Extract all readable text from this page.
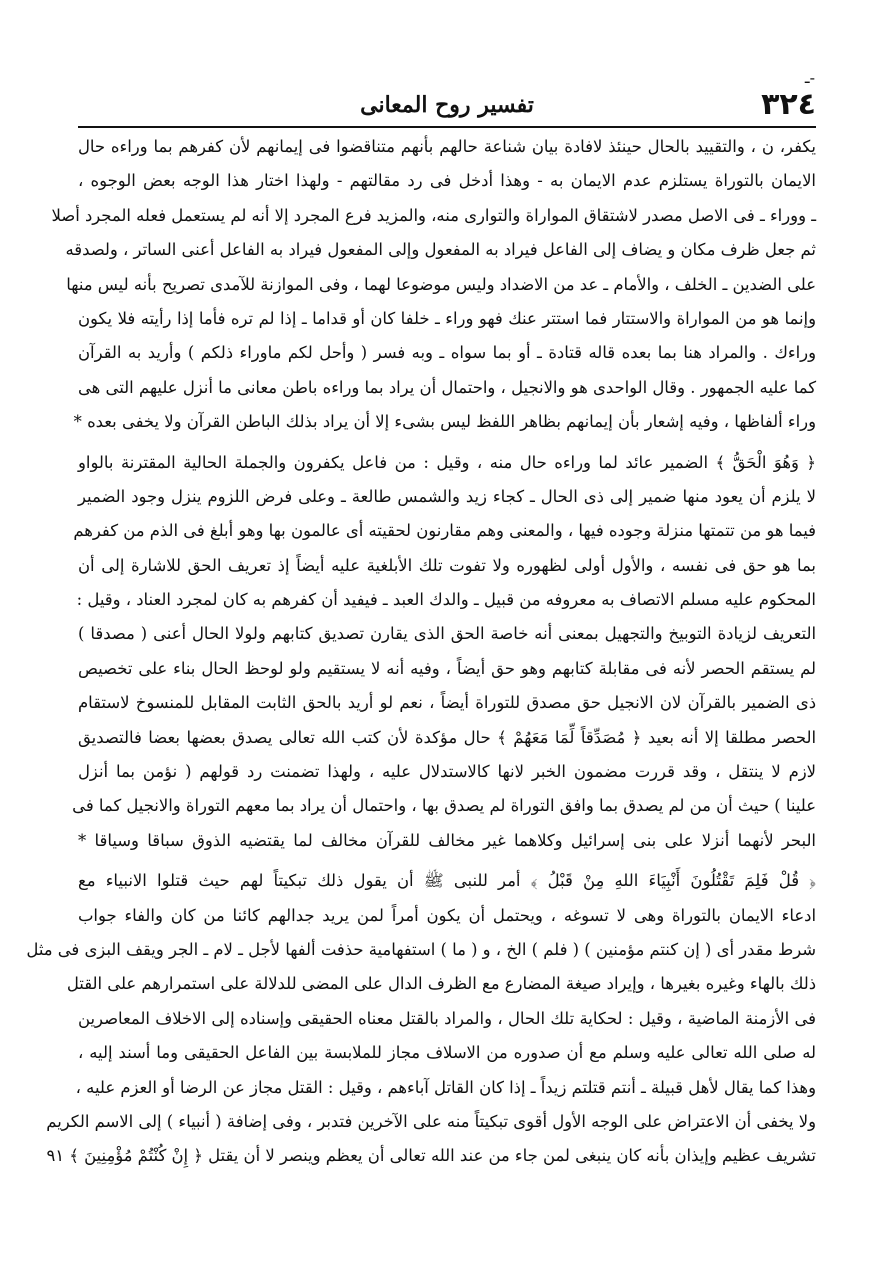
-ـ
٣٢٤
تفسير روح المعانى
يكفر، ن ، والتقييد بالحال حينئذ لافادة بيان شناعة حالهم بأنهم متناقضوا فى إيمانهم لأن كفرهم بما وراءه حال
الايمان بالتوراة يستلزم عدم الايمان به - وهذا أدخل فى رد مقالتهم - ولهذا اختار هذا الوجه بعض الوجوه ،
ـ ووراء ـ فى الاصل مصدر لاشتقاق المواراة والتوارى منه، والمزيد فرع المجرد إلا أنه لم يستعمل فعله المجرد أصلا
ثم جعل ظرف مكان و يضاف إلى الفاعل فيراد به المفعول وإلى المفعول فيراد به الفاعل أعنى الساتر ، ولصدقه
على الضدين ـ الخلف ، والأمام ـ عد من الاضداد وليس موضوعا لهما ، وفى الموازنة للآمدى تصريح بأنه ليس منها
وإنما هو من المواراة والاستتار فما استتر عنك فهو وراء ـ خلفا كان أو قداما ـ إذا لم تره فأما إذا رأيته فلا يكون
وراءك . والمراد هنا بما بعده قاله قتادة ـ أو بما سواه ـ وبه فسر ( وأحل لكم ماوراء ذلكم ) وأريد به القرآن
كما عليه الجمهور . وقال الواحدى هو والانجيل ، واحتمال أن يراد بما وراءه باطن معانى ما أنزل عليهم التى هى
وراء ألفاظها ، وفيه إشعار بأن إيمانهم بظاهر اللفظ ليس بشىء إلا أن يراد بذلك الباطن القرآن ولا يخفى بعده *
﴿ وَهُوَ الْحَقُّ ﴾ الضمير عائد لما وراءه حال منه ، وقيل : من فاعل يكفرون والجملة الحالية المقترنة بالواو
لا يلزم أن يعود منها ضمير إلى ذى الحال ـ كجاء زيد والشمس طالعة ـ وعلى فرض اللزوم ينزل وجود الضمير
فيما هو من تتمتها منزلة وجوده فيها ، والمعنى وهم مقارنون لحقيته أى عالمون بها وهو أبلغ فى الذم من كفرهم
بما هو حق فى نفسه ، والأول أولى لظهوره ولا تفوت تلك الأبلغية عليه أيضاً إذ تعريف الحق للاشارة إلى أن
المحكوم عليه مسلم الاتصاف به معروفه من قبيل ـ والدك العبد ـ فيفيد أن كفرهم به كان لمجرد العناد ، وقيل :
التعريف لزيادة التوبيخ والتجهيل بمعنى أنه خاصة الحق الذى يقارن تصديق كتابهم ولولا الحال أعنى ( مصدقا )
لم يستقم الحصر لأنه فى مقابلة كتابهم وهو حق أيضاً ، وفيه أنه لا يستقيم ولو لوحظ الحال بناء على تخصيص
ذى الضمير بالقرآن لان الانجيل حق مصدق للتوراة أيضاً ، نعم لو أريد بالحق الثابت المقابل للمنسوخ لاستقام
الحصر مطلقا إلا أنه بعيد ﴿ مُصَدِّقاً لِّمَا مَعَهُمْ ﴾ حال مؤكدة لأن كتب الله تعالى يصدق بعضها بعضا فالتصديق
لازم لا ينتقل ، وقد قررت مضمون الخبر لانها كالاستدلال عليه ، ولهذا تضمنت رد قولهم ( نؤمن بما أنزل
علينا ) حيث أن من لم يصدق بما وافق التوراة لم يصدق بها ، واحتمال أن يراد بما معهم التوراة والانجيل كما فى
البحر لأنهما أنزلا على بنى إسرائيل وكلاهما غير مخالف للقرآن مخالف لما يقتضيه الذوق سباقا وسياقا *
﴿ قُلْ فَلِمَ تَقْتُلُونَ أَنْبِيَاءَ اللهِ مِنْ قَبْلُ ﴾ أمر للنبى ﷺ أن يقول ذلك تبكيتاً لهم حيث قتلوا الانبياء مع
ادعاء الايمان بالتوراة وهى لا تسوغه ، ويحتمل أن يكون أمراً لمن يريد جدالهم كائنا من كان والفاء جواب
شرط مقدر أى ( إن كنتم مؤمنين ) ( فلم ) الخ ، و ( ما ) استفهامية حذفت ألفها لأجل ـ لام ـ الجر ويقف البزى فى مثل
ذلك بالهاء وغيره بغيرها ، وإيراد صيغة المضارع مع الظرف الدال على المضى للدلالة على استمرارهم على القتل
فى الأزمنة الماضية ، وقيل : لحكاية تلك الحال ، والمراد بالقتل معناه الحقيقى وإسناده إلى الاخلاف المعاصرين
له صلى الله تعالى عليه وسلم مع أن صدوره من الاسلاف مجاز للملابسة بين الفاعل الحقيقى وما أسند إليه ،
وهذا كما يقال لأهل قبيلة ـ أنتم قتلتم زيداً ـ إذا كان القاتل آباءهم ، وقيل : القتل مجاز عن الرضا أو العزم عليه ،
ولا يخفى أن الاعتراض على الوجه الأول أقوى تبكيتاً منه على الآخرين فتدبر ، وفى إضافة ( أنبياء ) إلى الاسم الكريم
تشريف عظيم وإيذان بأنه كان ينبغى لمن جاء من عند الله تعالى أن يعظم وينصر لا أن يقتل ﴿ إِنْ كُنْتُمْ مُؤْمِنِينَ ﴾ ٩١
